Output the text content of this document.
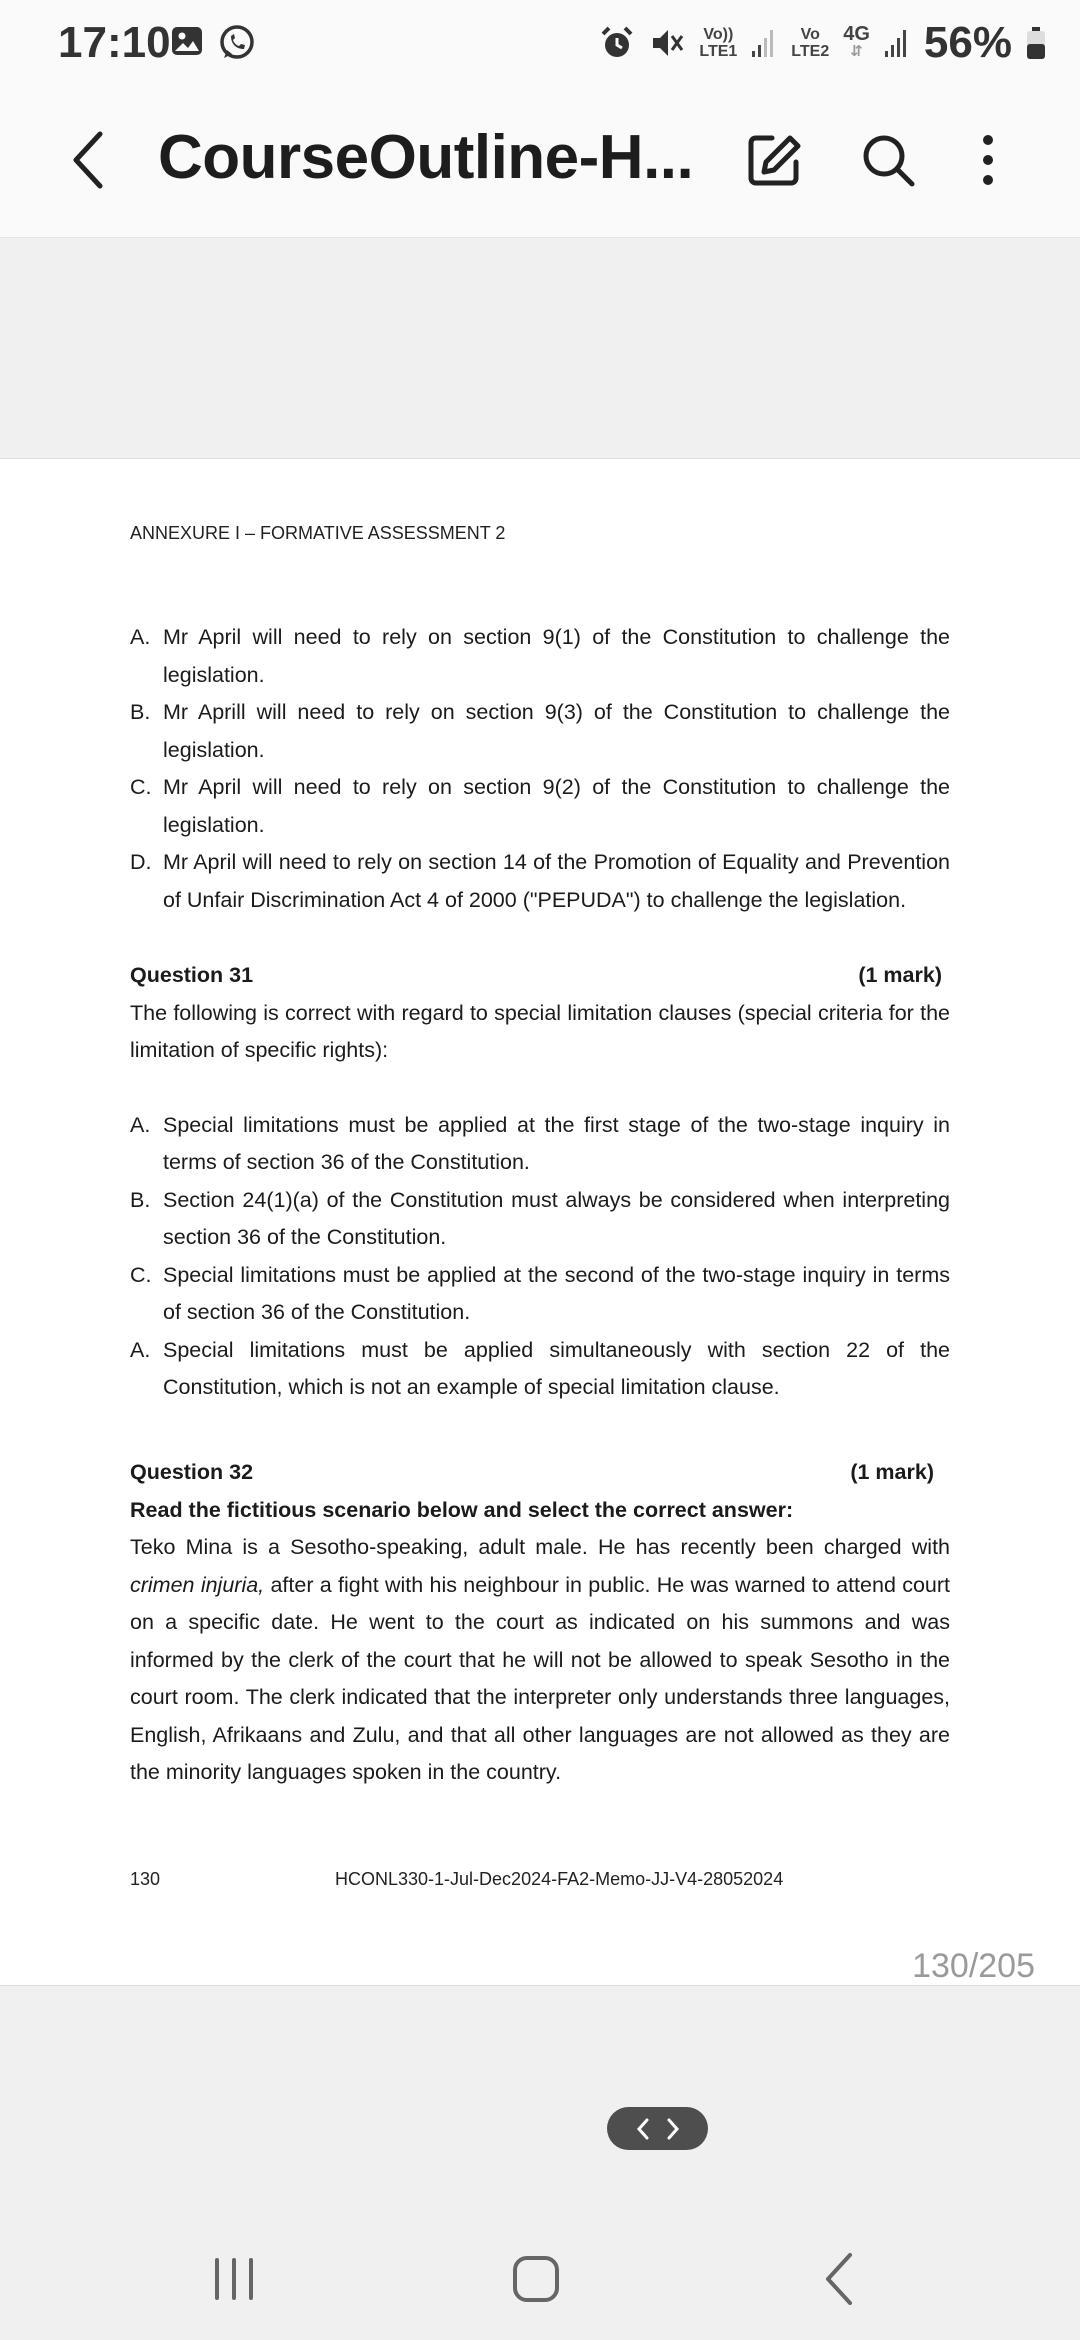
17:10	Vo))
LTE1
Vo
LTE2
4G
⇵ 56%
CourseOutline-H...
ANNEXURE I – FORMATIVE ASSESSMENT 2
A. Mr April will need to rely on section 9(1) of the Constitution to challenge the legislation.
B. Mr Aprill will need to rely on section 9(3) of the Constitution to challenge the legislation.
C. Mr April will need to rely on section 9(2) of the Constitution to challenge the legislation.
D. Mr April will need to rely on section 14 of the Promotion of Equality and Prevention of Unfair Discrimination Act 4 of 2000 ("PEPUDA") to challenge the legislation.
Question 31	(1 mark)
The following is correct with regard to special limitation clauses (special criteria for the limitation of specific rights):
A. Special limitations must be applied at the first stage of the two-stage inquiry in terms of section 36 of the Constitution.
B. Section 24(1)(a) of the Constitution must always be considered when interpreting section 36 of the Constitution.
C. Special limitations must be applied at the second of the two-stage inquiry in terms of section 36 of the Constitution.
A. Special limitations must be applied simultaneously with section 22 of the Constitution, which is not an example of special limitation clause.
Question 32	(1 mark)
Read the fictitious scenario below and select the correct answer:
Teko Mina is a Sesotho-speaking, adult male. He has recently been charged with crimen injuria, after a fight with his neighbour in public. He was warned to attend court on a specific date. He went to the court as indicated on his summons and was informed by the clerk of the court that he will not be allowed to speak Sesotho in the court room. The clerk indicated that the interpreter only understands three languages, English, Afrikaans and Zulu, and that all other languages are not allowed as they are the minority languages spoken in the country.
130	HCONL330-1-Jul-Dec2024-FA2-Memo-JJ-V4-28052024
130/205
